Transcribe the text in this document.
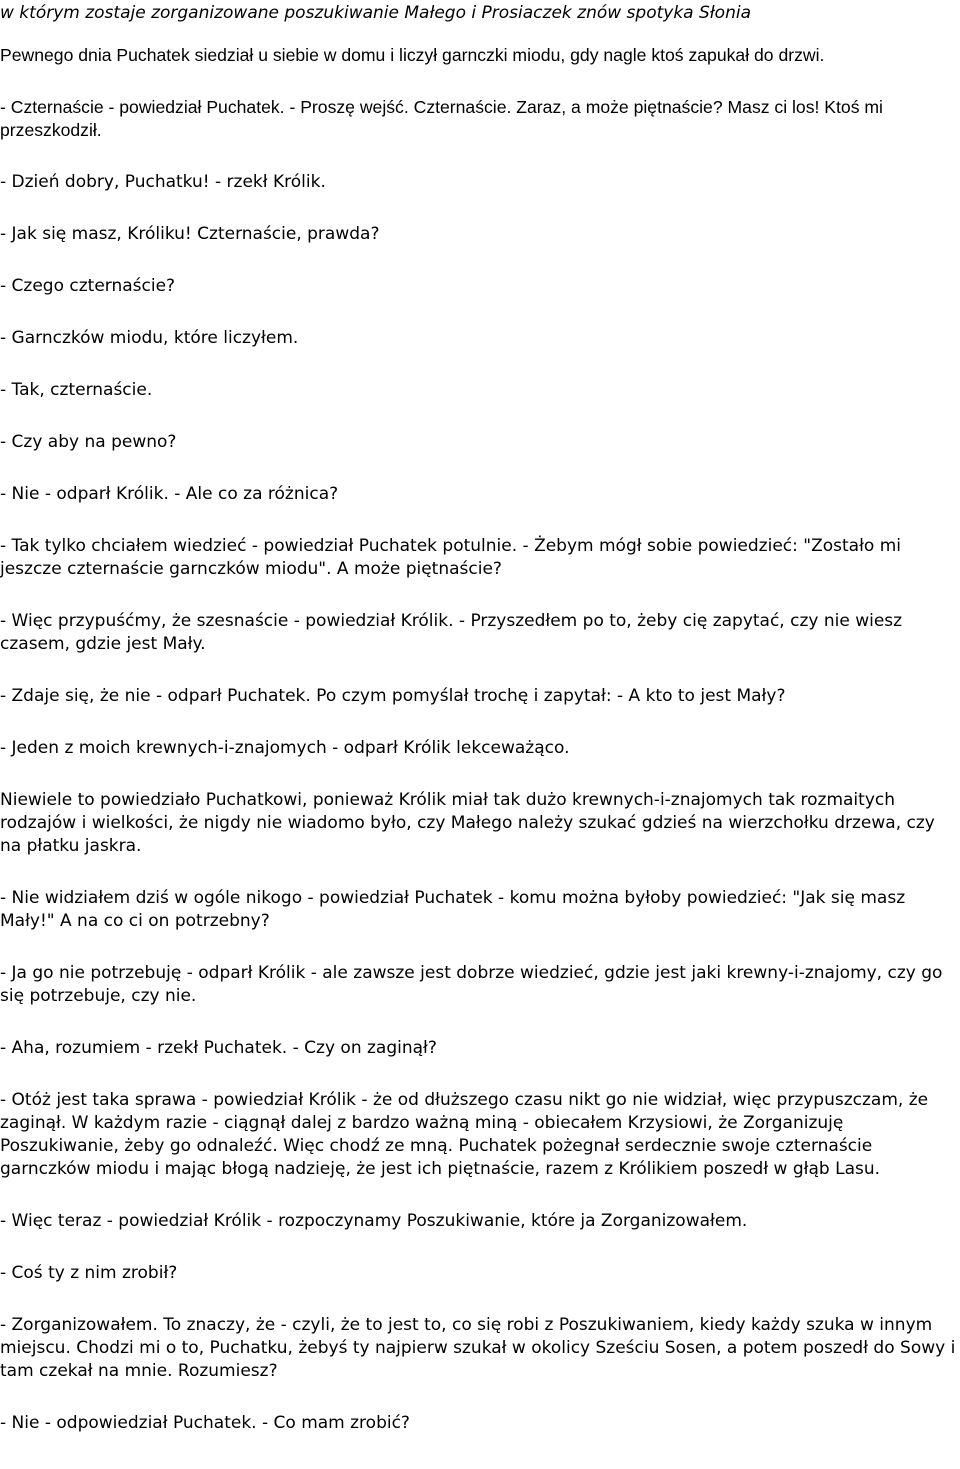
w którym zostaje zorganizowane poszukiwanie Małego i Prosiaczek znów spotyka Słonia

Pewnego dnia Puchatek siedział u siebie w domu i liczył garnczki miodu, gdy nagle ktoś zapukał do drzwi.

- Czternaście - powiedział Puchatek. - Proszę wejść. Czternaście. Zaraz, a może piętnaście? Masz ci los! Ktoś mi przeszkodził.

- Dzień dobry, Puchatku! - rzekł Królik.

- Jak się masz, Króliku! Czternaście, prawda?

- Czego czternaście?

- Garnczków miodu, które liczyłem.

- Tak, czternaście.

- Czy aby na pewno?

- Nie - odparł Królik. - Ale co za różnica?

- Tak tylko chciałem wiedzieć - powiedział Puchatek potulnie. - Żebym mógł sobie powiedzieć: "Zostało mi jeszcze czternaście garnczków miodu". A może piętnaście?

- Więc przypuśćmy, że szesnaście - powiedział Królik. - Przyszedłem po to, żeby cię zapytać, czy nie wiesz czasem, gdzie jest Mały.

- Zdaje się, że nie - odparł Puchatek. Po czym pomyślał trochę i zapytał: - A kto to jest Mały?

- Jeden z moich krewnych-i-znajomych - odparł Królik lekceważąco.

Niewiele to powiedziało Puchatkowi, ponieważ Królik miał tak dużo krewnych-i-znajomych tak rozmaitych rodzajów i wielkości, że nigdy nie wiadomo było, czy Małego należy szukać gdzieś na wierzchołku drzewa, czy na płatku jaskra.

- Nie widziałem dziś w ogóle nikogo - powiedział Puchatek - komu można byłoby powiedzieć: "Jak się masz Mały!" A na co ci on potrzebny?

- Ja go nie potrzebuję - odparł Królik - ale zawsze jest dobrze wiedzieć, gdzie jest jaki krewny-i-znajomy, czy go się potrzebuje, czy nie.

- Aha, rozumiem - rzekł Puchatek. - Czy on zaginął?

- Otóż jest taka sprawa - powiedział Królik - że od dłuższego czasu nikt go nie widział, więc przypuszczam, że zaginął. W każdym razie - ciągnął dalej z bardzo ważną miną - obiecałem Krzysiowi, że Zorganizuję Poszukiwanie, żeby go odnaleźć. Więc chodź ze mną. Puchatek pożegnał serdecznie swoje czternaście garnczków miodu i mając błogą nadzieję, że jest ich piętnaście, razem z Królikiem poszedł w głąb Lasu.

- Więc teraz - powiedział Królik - rozpoczynamy Poszukiwanie, które ja Zorganizowałem.

- Coś ty z nim zrobił?

- Zorganizowałem. To znaczy, że - czyli, że to jest to, co się robi z Poszukiwaniem, kiedy każdy szuka w innym miejscu. Chodzi mi o to, Puchatku, żebyś ty najpierw szukał w okolicy Sześciu Sosen, a potem poszedł do Sowy i tam czekał na mnie. Rozumiesz?

- Nie - odpowiedział Puchatek. - Co mam zrobić?
